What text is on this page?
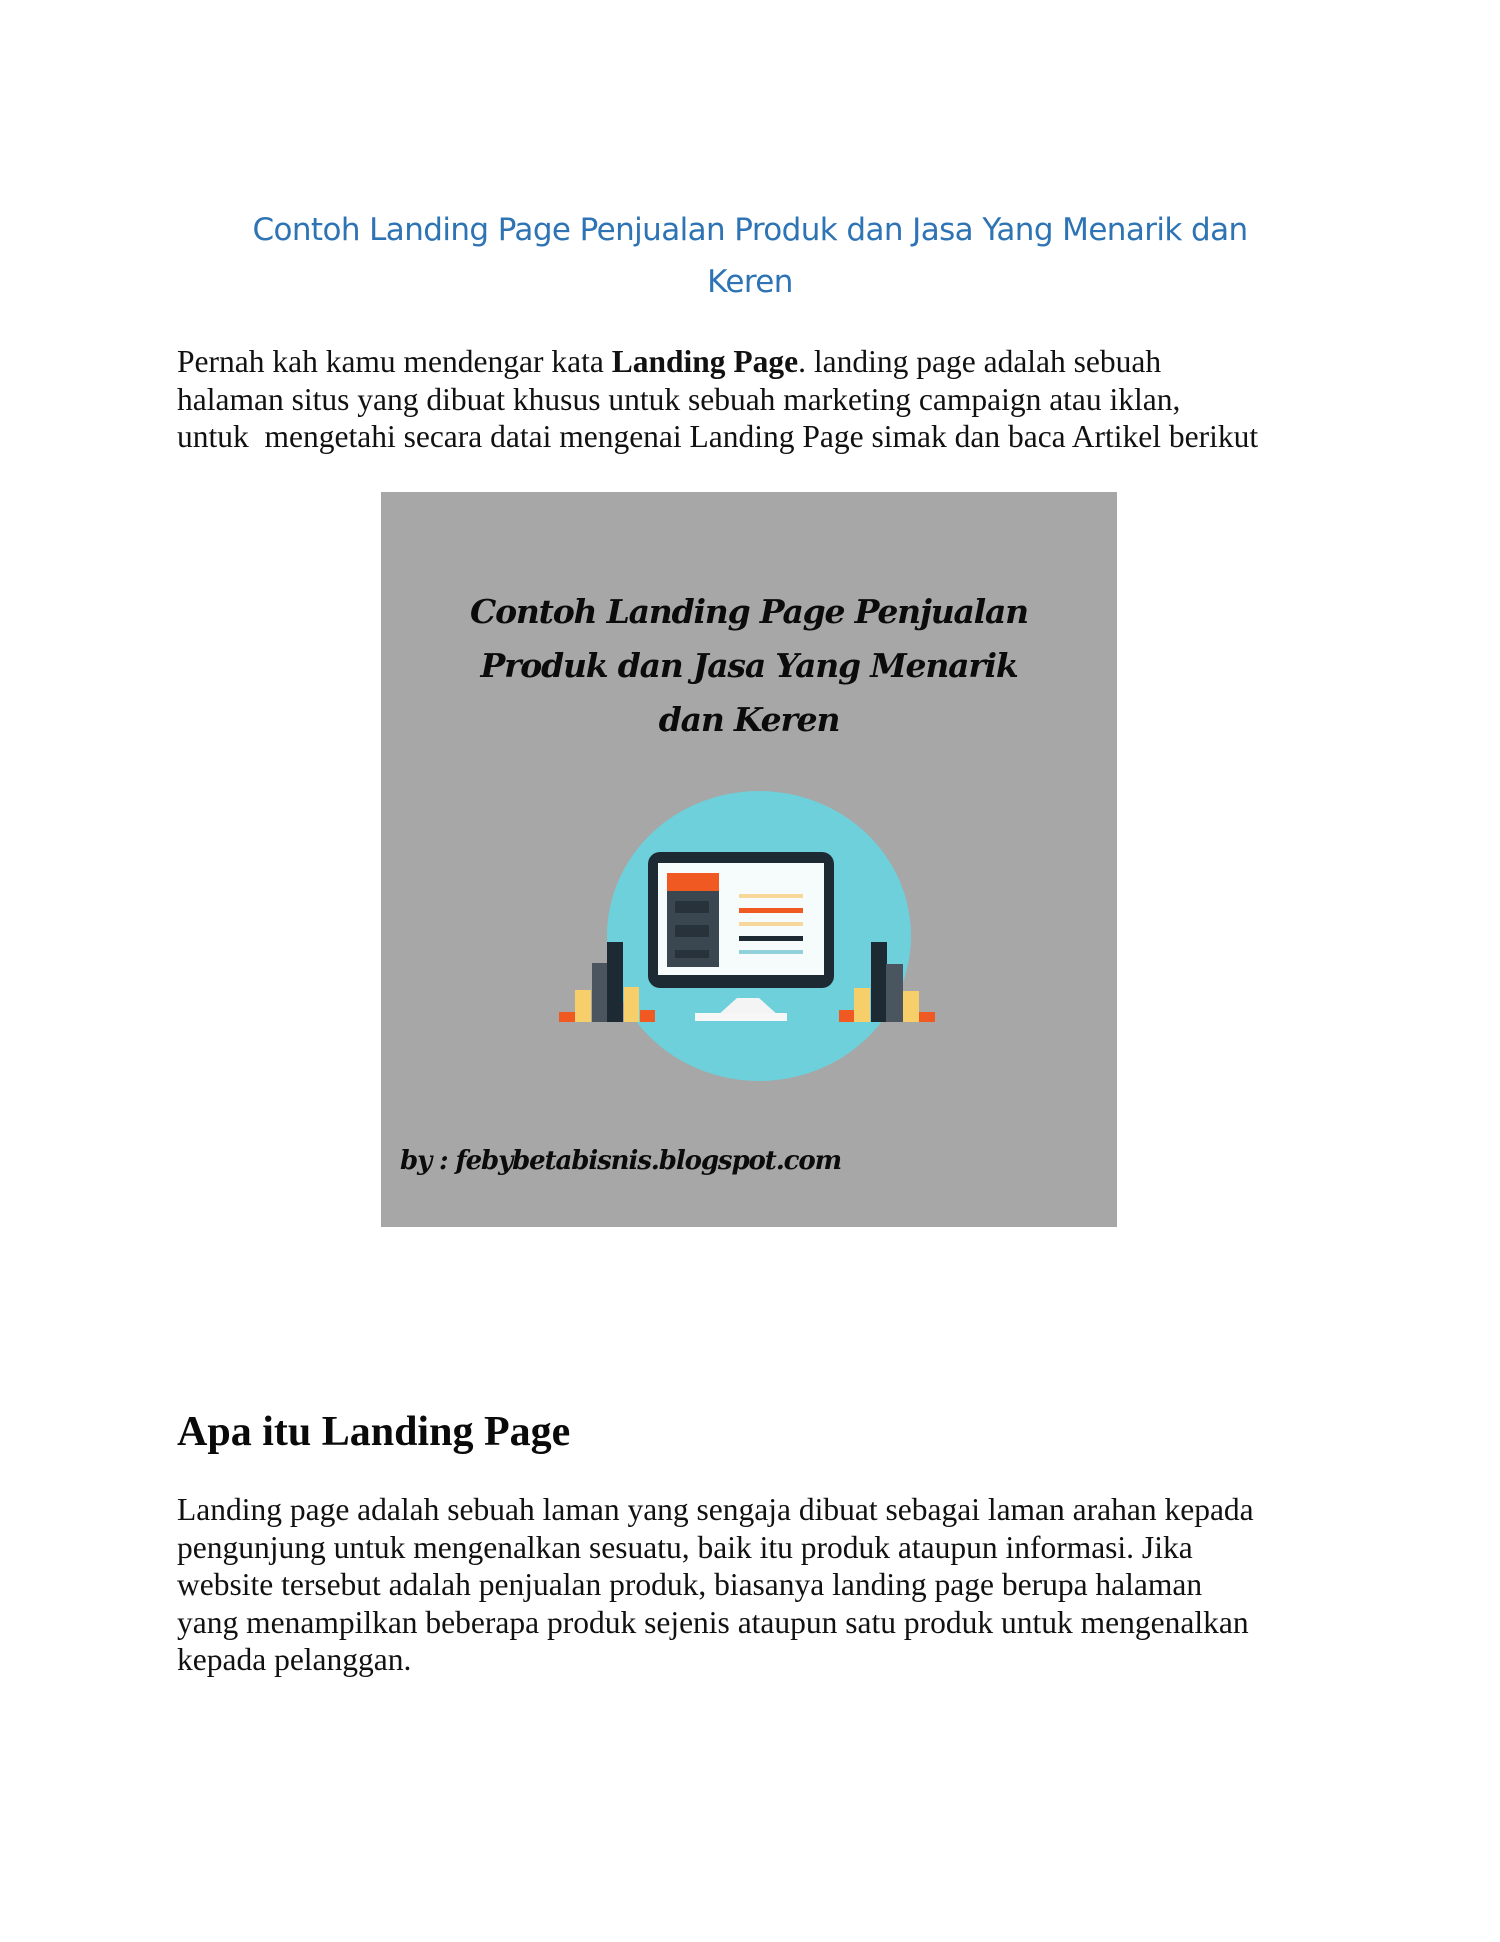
Contoh Landing Page Penjualan Produk dan Jasa Yang Menarik dan
Keren

Pernah kah kamu mendengar kata Landing Page. landing page adalah sebuah
halaman situs yang dibuat khusus untuk sebuah marketing campaign atau iklan,
untuk  mengetahi secara datai mengenai Landing Page simak dan baca Artikel berikut

Contoh Landing Page Penjualan
Produk dan Jasa Yang Menarik
dan Keren
by : febybetabisnis.blogspot.com
Apa itu Landing Page

Landing page adalah sebuah laman yang sengaja dibuat sebagai laman arahan kepada
pengunjung untuk mengenalkan sesuatu, baik itu produk ataupun informasi. Jika
website tersebut adalah penjualan produk, biasanya landing page berupa halaman
yang menampilkan beberapa produk sejenis ataupun satu produk untuk mengenalkan
kepada pelanggan.
